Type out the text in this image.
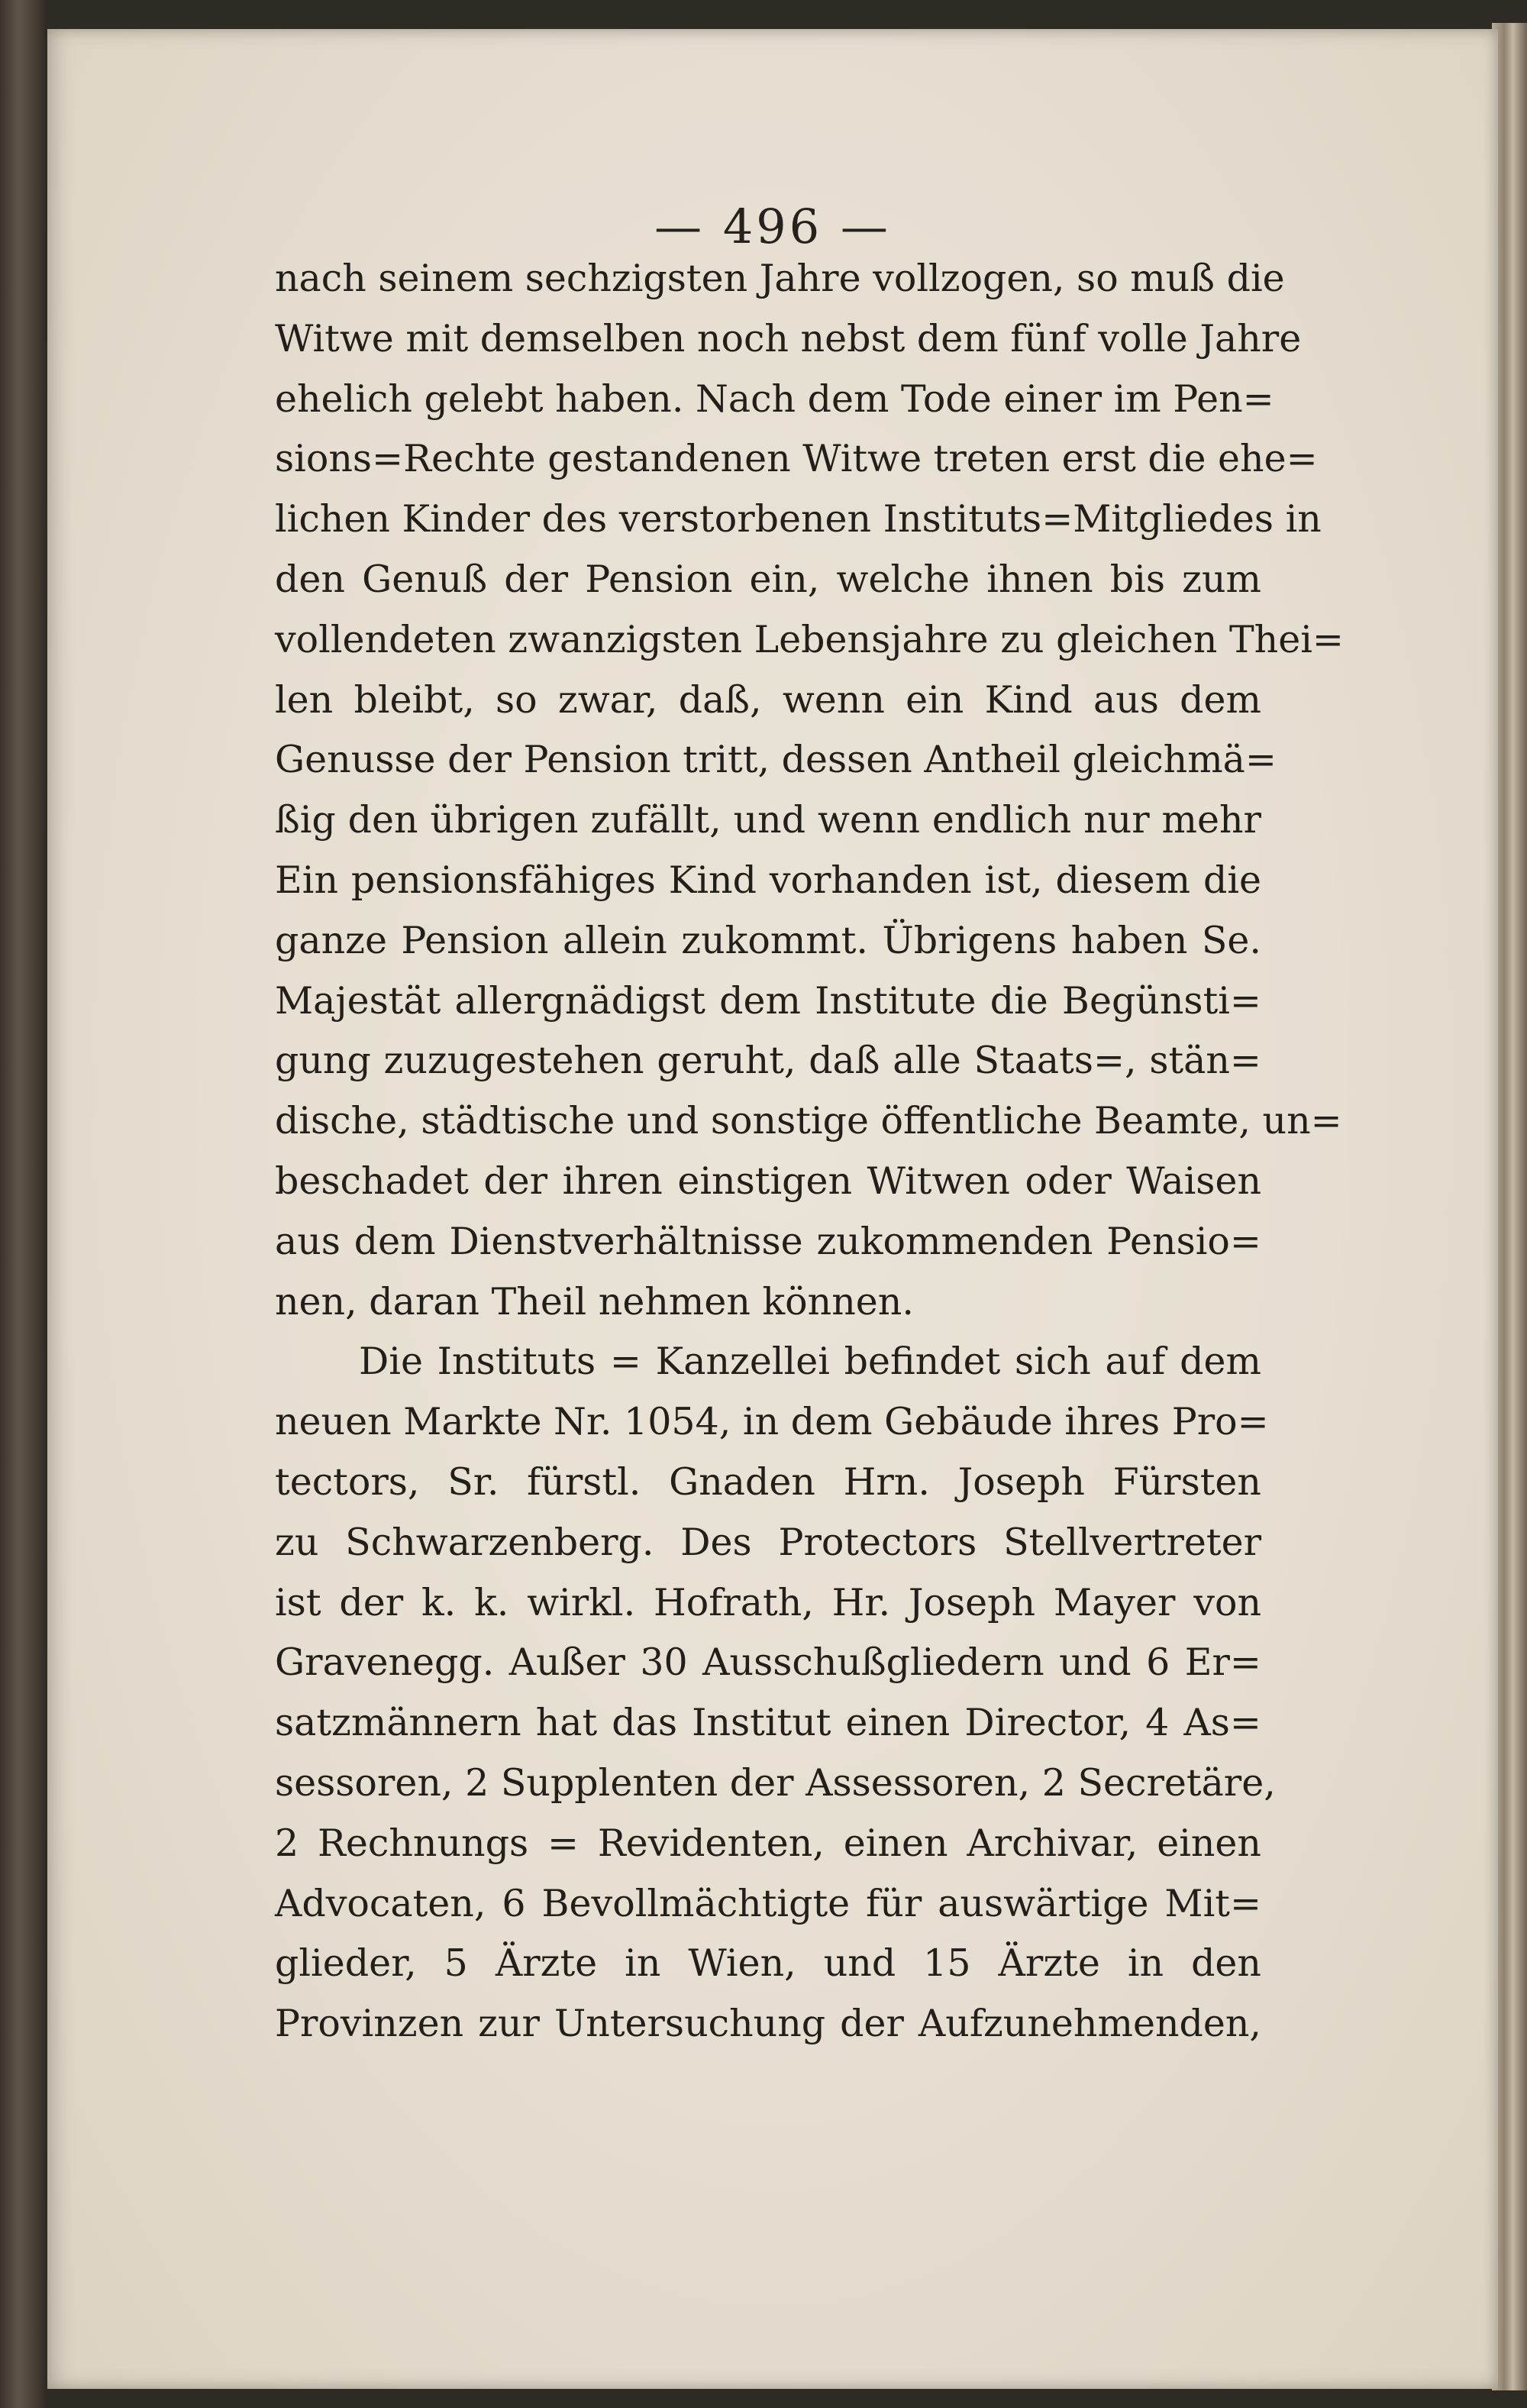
— 496 —
nach seinem sechzigsten Jahre vollzogen, so muß die
Witwe mit demselben noch nebst dem fünf volle Jahre
ehelich gelebt haben. Nach dem Tode einer im Pen=
sions=Rechte gestandenen Witwe treten erst die ehe=
lichen Kinder des verstorbenen Instituts=Mitgliedes in
den Genuß der Pension ein, welche ihnen bis zum
vollendeten zwanzigsten Lebensjahre zu gleichen Thei=
len bleibt, so zwar, daß, wenn ein Kind aus dem
Genusse der Pension tritt, dessen Antheil gleichmä=
ßig den übrigen zufällt, und wenn endlich nur mehr
Ein pensionsfähiges Kind vorhanden ist, diesem die
ganze Pension allein zukommt. Übrigens haben Se.
Majestät allergnädigst dem Institute die Begünsti=
gung zuzugestehen geruht, daß alle Staats=, stän=
dische, städtische und sonstige öffentliche Beamte, un=
beschadet der ihren einstigen Witwen oder Waisen
aus dem Dienstverhältnisse zukommenden Pensio=
nen, daran Theil nehmen können.
Die Instituts = Kanzellei befindet sich auf dem
neuen Markte Nr. 1054, in dem Gebäude ihres Pro=
tectors, Sr. fürstl. Gnaden Hrn. Joseph Fürsten
zu Schwarzenberg. Des Protectors Stellvertreter
ist der k. k. wirkl. Hofrath, Hr. Joseph Mayer von
Gravenegg. Außer 30 Ausschußgliedern und 6 Er=
satzmännern hat das Institut einen Director, 4 As=
sessoren, 2 Supplenten der Assessoren, 2 Secretäre,
2 Rechnungs = Revidenten, einen Archivar, einen
Advocaten, 6 Bevollmächtigte für auswärtige Mit=
glieder, 5 Ärzte in Wien, und 15 Ärzte in den
Provinzen zur Untersuchung der Aufzunehmenden,
